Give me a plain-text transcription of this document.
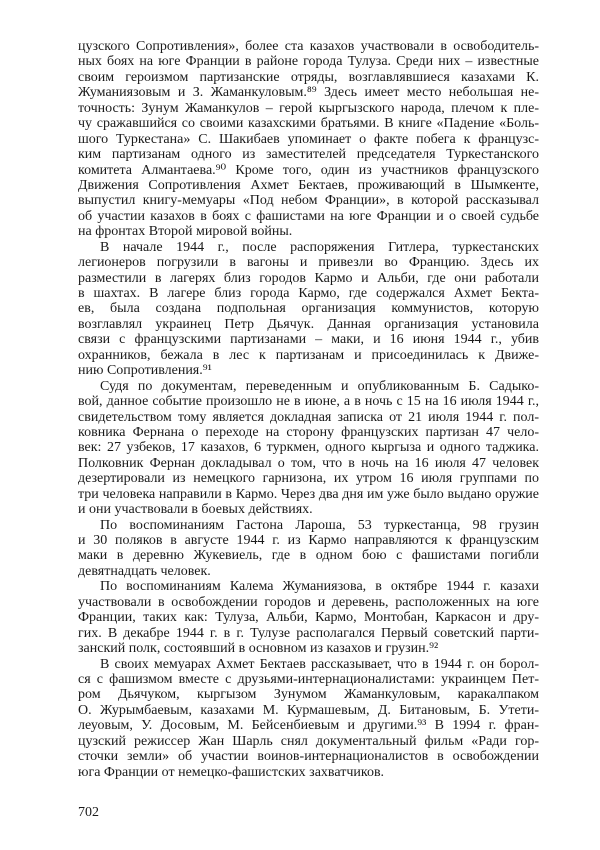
цузского Сопротивления», более ста казахов участвовали в освободитель-
ных боях на юге Франции в районе города Тулуза. Среди них – известные
своим героизмом партизанские отряды, возглавлявшиеся казахами К.
Жуманиязовым и З. Жаманкуловым.⁸⁹ Здесь имеет место небольшая не-
точность: Зунум Жаманкулов – герой кыргызского народа, плечом к пле-
чу сражавшийся со своими казахскими братьями. В книге «Падение «Боль-
шого Туркестана» С. Шакибаев упоминает о факте побега к французс-
ким партизанам одного из заместителей председателя Туркестанского
комитета Алмантаева.⁹⁰ Кроме того, один из участников французского
Движения Сопротивления Ахмет Бектаев, проживающий в Шымкенте,
выпустил книгу-мемуары «Под небом Франции», в которой рассказывал
об участии казахов в боях с фашистами на юге Франции и о своей судьбе
на фронтах Второй мировой войны.
В начале 1944 г., после распоряжения Гитлера, туркестанских
легионеров погрузили в вагоны и привезли во Францию. Здесь их
разместили в лагерях близ городов Кармо и Альби, где они работали
в шахтах. В лагере близ города Кармо, где содержался Ахмет Бекта-
ев, была создана подпольная организация коммунистов, которую
возглавлял украинец Петр Дьячук. Данная организация установила
связи с французскими партизанами – маки, и 16 июня 1944 г., убив
охранников, бежала в лес к партизанам и присоединилась к Движе-
нию Сопротивления.⁹¹
Судя по документам, переведенным и опубликованным Б. Садыко-
вой, данное событие произошло не в июне, а в ночь с 15 на 16 июля 1944 г.,
свидетельством тому является докладная записка от 21 июля 1944 г. пол-
ковника Фернана о переходе на сторону французских партизан 47 чело-
век: 27 узбеков, 17 казахов, 6 туркмен, одного кыргыза и одного таджика.
Полковник Фернан докладывал о том, что в ночь на 16 июля 47 человек
дезертировали из немецкого гарнизона, их утром 16 июля группами по
три человека направили в Кармо. Через два дня им уже было выдано оружие
и они участвовали в боевых действиях.
По воспоминаниям Гастона Лароша, 53 туркестанца, 98 грузин
и 30 поляков в августе 1944 г. из Кармо направляются к французским
маки в деревню Жукевиель, где в одном бою с фашистами погибли
девятнадцать человек.
По воспоминаниям Калема Жуманиязова, в октябре 1944 г. казахи
участвовали в освобождении городов и деревень, расположенных на юге
Франции, таких как: Тулуза, Альби, Кармо, Монтобан, Каркасон и дру-
гих. В декабре 1944 г. в г. Тулузе располагался Первый советский парти-
занский полк, состоявший в основном из казахов и грузин.⁹²
В своих мемуарах Ахмет Бектаев рассказывает, что в 1944 г. он борол-
ся с фашизмом вместе с друзьями-интернационалистами: украинцем Пет-
ром Дьячуком, кыргызом Зунумом Жаманкуловым, каракалпаком
О. Журымбаевым, казахами М. Курмашевым, Д. Битановым, Б. Утети-
леуовым, У. Досовым, М. Бейсенбиевым и другими.⁹³ В 1994 г. фран-
цузский режиссер Жан Шарль снял документальный фильм «Ради гор-
сточки земли» об участии воинов-интернационалистов в освобождении
юга Франции от немецко-фашистских захватчиков.
702
